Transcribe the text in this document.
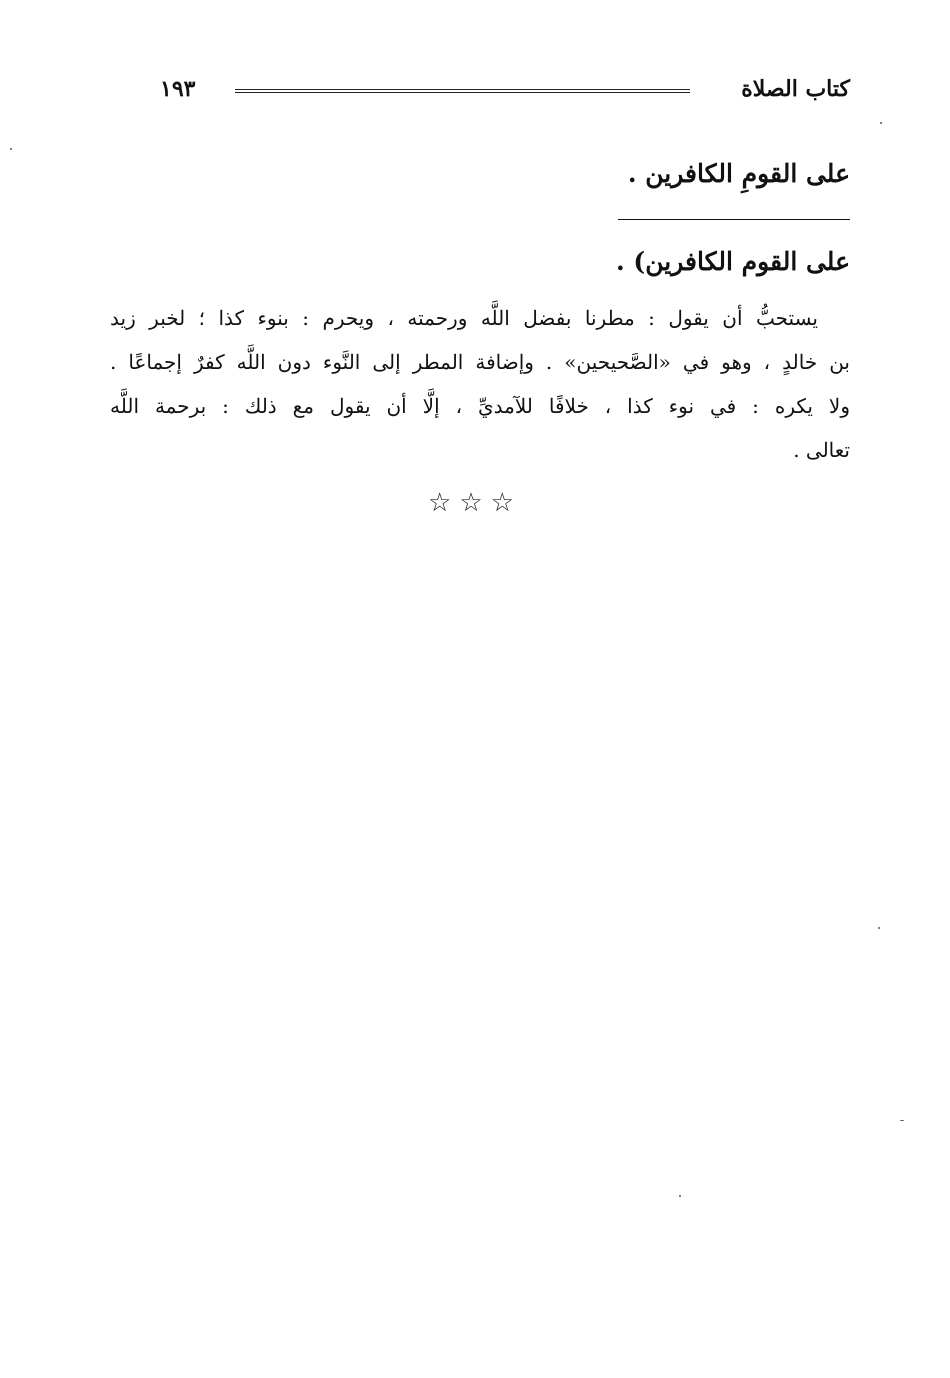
كتاب الصلاة
١٩٣
على القومِ الكافرين .
على القوم الكافرين) .
يستحبُّ أن يقول : مطرنا بفضل اللَّه ورحمته ، ويحرم : بنوء كذا ؛ لخبر زيد
بن خالدٍ ، وهو في «الصَّحيحين» . وإضافة المطر إلى النَّوء دون اللَّه كفرٌ إجماعًا .
ولا يكره : في نوء كذا ، خلافًا للآمديِّ ، إلَّا أن يقول مع ذلك : برحمة اللَّه
تعالى .
☆☆☆
